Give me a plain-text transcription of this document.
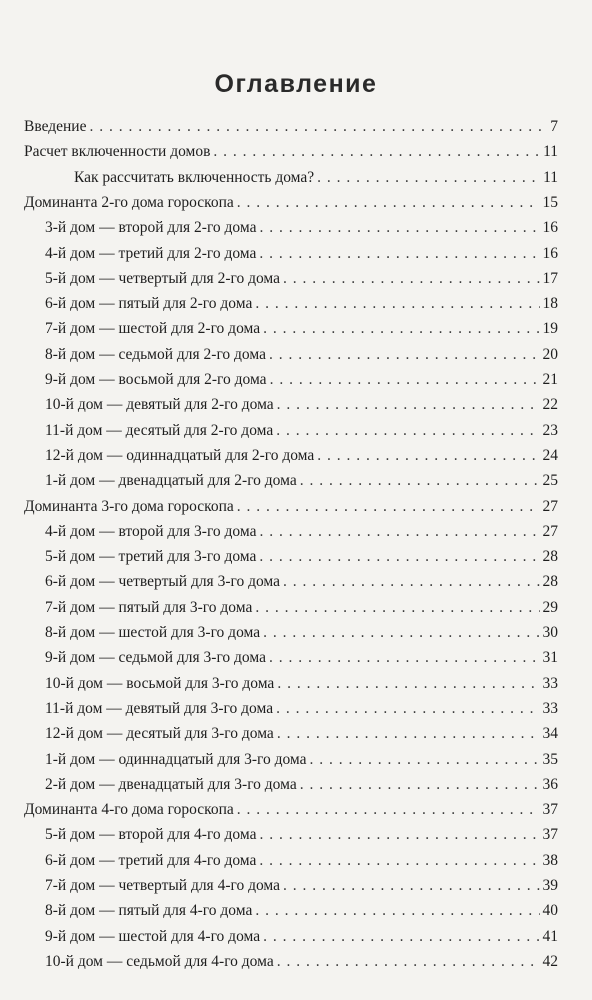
Оглавление
Введение . . .	7
Расчет включенности домов . . .	11
Как рассчитать включенность дома? . . .	11
Доминанта 2-го дома гороскопа . . .	15
3-й дом — второй для 2-го дома . . .	16
4-й дом — третий для 2-го дома . . .	16
5-й дом — четвертый для 2-го дома . . .	17
6-й дом — пятый для 2-го дома . . .	18
7-й дом — шестой для 2-го дома . . .	19
8-й дом — седьмой для 2-го дома . . .	20
9-й дом — восьмой для 2-го дома . . .	21
10-й дом — девятый для 2-го дома . . .	22
11-й дом — десятый для 2-го дома . . .	23
12-й дом — одиннадцатый для 2-го дома . . .	24
1-й дом — двенадцатый для 2-го дома . . .	25
Доминанта 3-го дома гороскопа . . .	27
4-й дом — второй для 3-го дома . . .	27
5-й дом — третий для 3-го дома . . .	28
6-й дом — четвертый для 3-го дома . . .	28
7-й дом — пятый для 3-го дома . . .	29
8-й дом — шестой для 3-го дома . . .	30
9-й дом — седьмой для 3-го дома . . .	31
10-й дом — восьмой для 3-го дома . . .	33
11-й дом — девятый для 3-го дома . . .	33
12-й дом — десятый для 3-го дома . . .	34
1-й дом — одиннадцатый для 3-го дома . . .	35
2-й дом — двенадцатый для 3-го дома . . .	36
Доминанта 4-го дома гороскопа . . .	37
5-й дом — второй для 4-го дома . . .	37
6-й дом — третий для 4-го дома . . .	38
7-й дом — четвертый для 4-го дома . . .	39
8-й дом — пятый для 4-го дома . . .	40
9-й дом — шестой для 4-го дома . . .	41
10-й дом — седьмой для 4-го дома . . .	42
